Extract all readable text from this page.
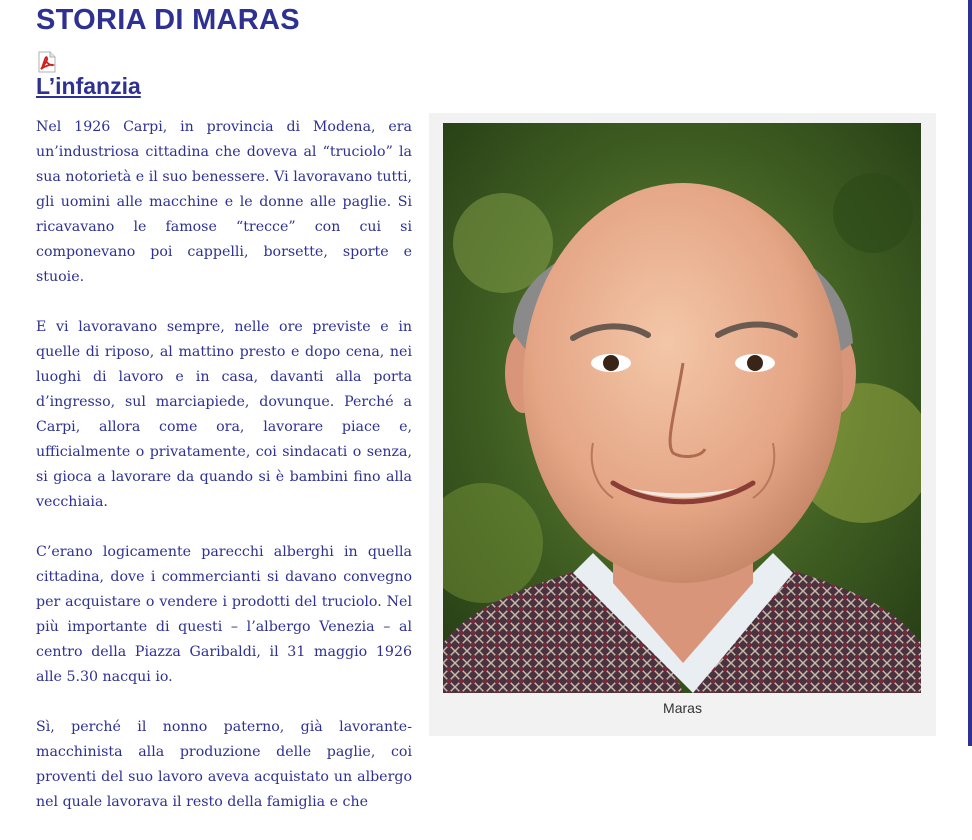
STORIA DI MARAS
L’infanzia

Nel 1926 Carpi, in provincia di Modena, era un’industriosa cittadina che doveva al “truciolo” la sua notorietà e il suo benessere. Vi lavoravano tutti, gli uomini alle macchine e le donne alle paglie. Si ricavavano le famose “trecce” con cui si componevano poi cappelli, borsette, sporte e stuoie.

E vi lavoravano sempre, nelle ore previste e in quelle di riposo, al mattino presto e dopo cena, nei luoghi di lavoro e in casa, davanti alla porta d’ingresso, sul marciapiede, dovunque. Perché a Carpi, allora come ora, lavorare piace e, ufficialmente o privatamente, coi sindacati o senza, si gioca a lavorare da quando si è bambini fino alla vecchiaia.

C’erano logicamente parecchi alberghi in quella cittadina, dove i commercianti si davano convegno per acquistare o vendere i prodotti del truciolo. Nel più importante di questi – l’albergo Venezia – al centro della Piazza Garibaldi, il 31 maggio 1926 alle 5.30 nacqui io.

Sì, perché il nonno paterno, già lavorante-macchinista alla produzione delle paglie, coi proventi del suo lavoro aveva acquistato un albergo nel quale lavorava il resto della famiglia e che

Maras
